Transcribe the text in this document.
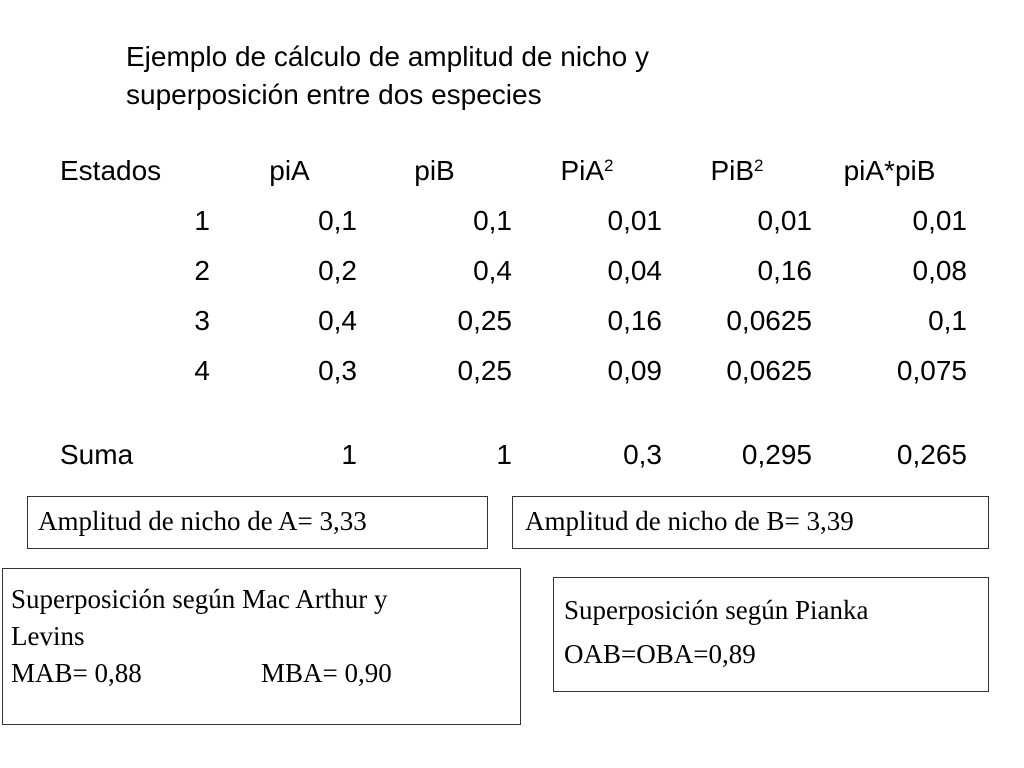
Ejemplo de cálculo de amplitud de nicho y
superposición entre dos especies
Estados	piA	piB	PiA$^2$	PiB$^2$	piA*piB
1	0,1	0,1	0,01	0,01	0,01
2	0,2	0,4	0,04	0,16	0,08
3	0,4	0,25	0,16	0,0625	0,1
4	0,3	0,25	0,09	0,0625	0,075

Suma	1	1	0,3	0,295	0,265
Amplitud de nicho de A= 3,33	Amplitud de nicho de B= 3,39
Superposición según Mac Arthur y
Levins
MAB= 0,88	MBA= 0,90
Superposición según Pianka
OAB=OBA=0,89
